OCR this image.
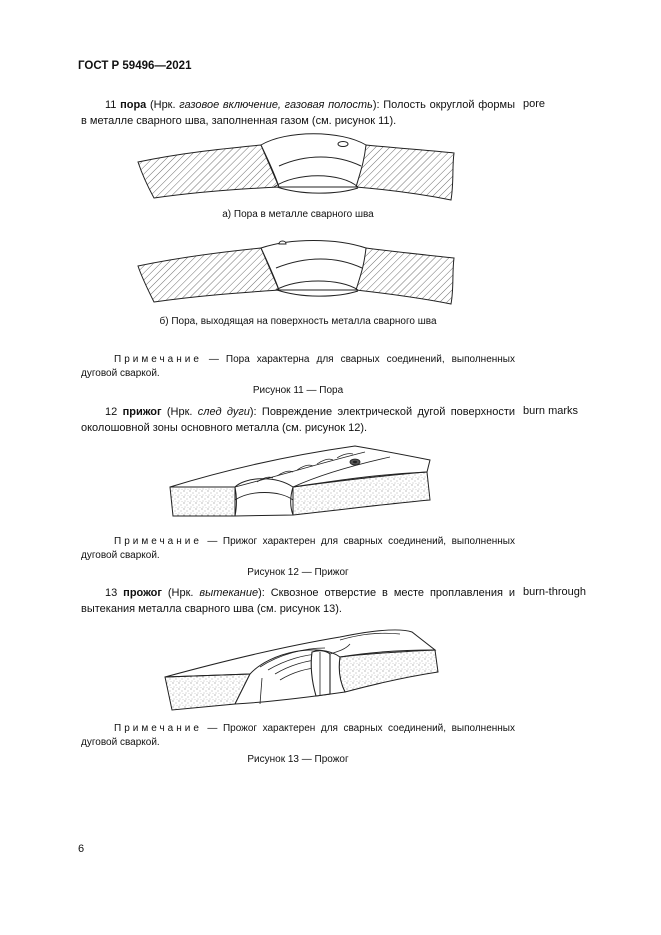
ГОСТ Р 59496—2021
11 пора (Нрк. газовое включение, газовая полость): Полость округлой формы в металле сварного шва, заполненная газом (см. рисунок 11).
pore
а) Пора в металле сварного шва
б) Пора, выходящая на поверхность металла сварного шва
Примечание — Пора характерна для сварных соединений, выполненных дуговой сваркой.
Рисунок 11 — Пора
12 прижог (Нрк. след дуги): Повреждение электрической дугой поверхности околошовной зоны основного металла (см. рисунок 12).
burn marks
Примечание — Прижог характерен для сварных соединений, выполненных дуговой сваркой.
Рисунок 12 — Прижог
13 прожог (Нрк. вытекание): Сквозное отверстие в месте проплавления и вытекания металла сварного шва (см. рисунок 13).
burn-through
Примечание — Прожог характерен для сварных соединений, выполненных дуговой сваркой.
Рисунок 13 — Прожог
6
